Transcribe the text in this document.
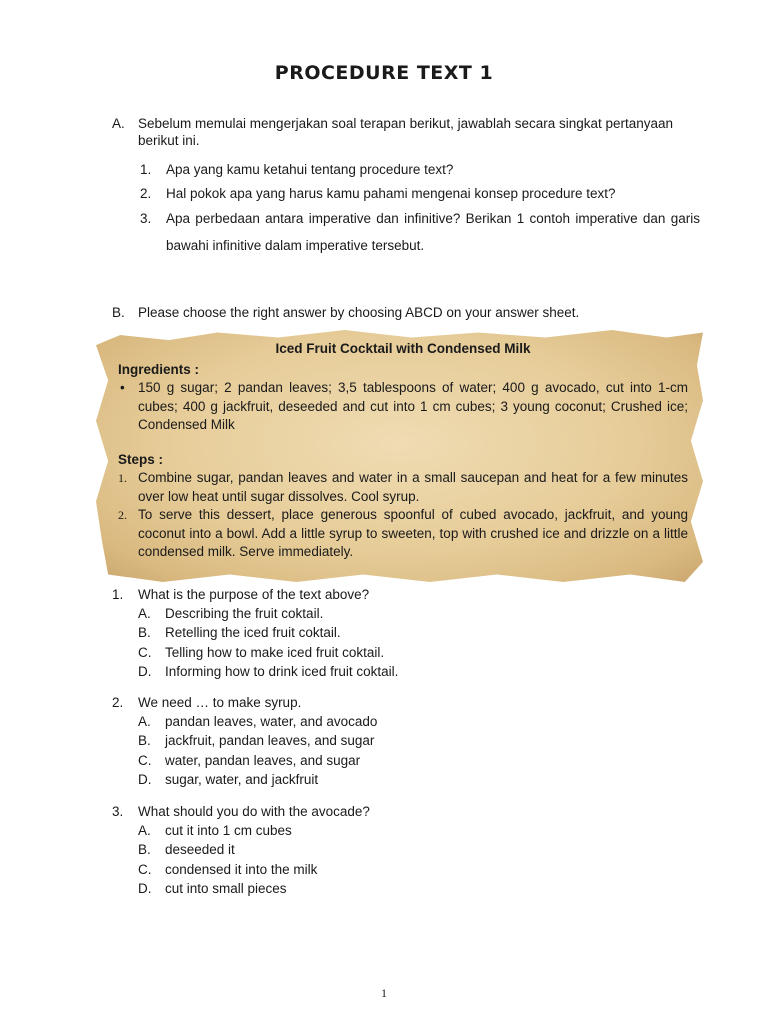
PROCEDURE TEXT 1
A. Sebelum memulai mengerjakan soal terapan berikut, jawablah secara singkat pertanyaan berikut ini.
1. Apa yang kamu ketahui tentang procedure text?
2. Hal pokok apa yang harus kamu pahami mengenai konsep procedure text?
3. Apa perbedaan antara imperative dan infinitive? Berikan 1 contoh imperative dan garis bawahi infinitive dalam imperative tersebut.
B. Please choose the right answer by choosing ABCD on your answer sheet.
Iced Fruit Cocktail with Condensed Milk
Ingredients :
• 150 g sugar; 2 pandan leaves; 3,5 tablespoons of water; 400 g avocado, cut into 1-cm cubes; 400 g jackfruit, deseeded and cut into 1 cm cubes; 3 young coconut; Crushed ice; Condensed Milk
Steps :
1. Combine sugar, pandan leaves and water in a small saucepan and heat for a few minutes over low heat until sugar dissolves. Cool syrup.
2. To serve this dessert, place generous spoonful of cubed avocado, jackfruit, and young coconut into a bowl. Add a little syrup to sweeten, top with crushed ice and drizzle on a little condensed milk. Serve immediately.
1. What is the purpose of the text above?
A. Describing the fruit coktail.
B. Retelling the iced fruit coktail.
C. Telling how to make iced fruit coktail.
D. Informing how to drink iced fruit coktail.
2. We need … to make syrup.
A. pandan leaves, water, and avocado
B. jackfruit, pandan leaves, and sugar
C. water, pandan leaves, and sugar
D. sugar, water, and jackfruit
3. What should you do with the avocade?
A. cut it into 1 cm cubes
B. deseeded it
C. condensed it into the milk
D. cut into small pieces
1
